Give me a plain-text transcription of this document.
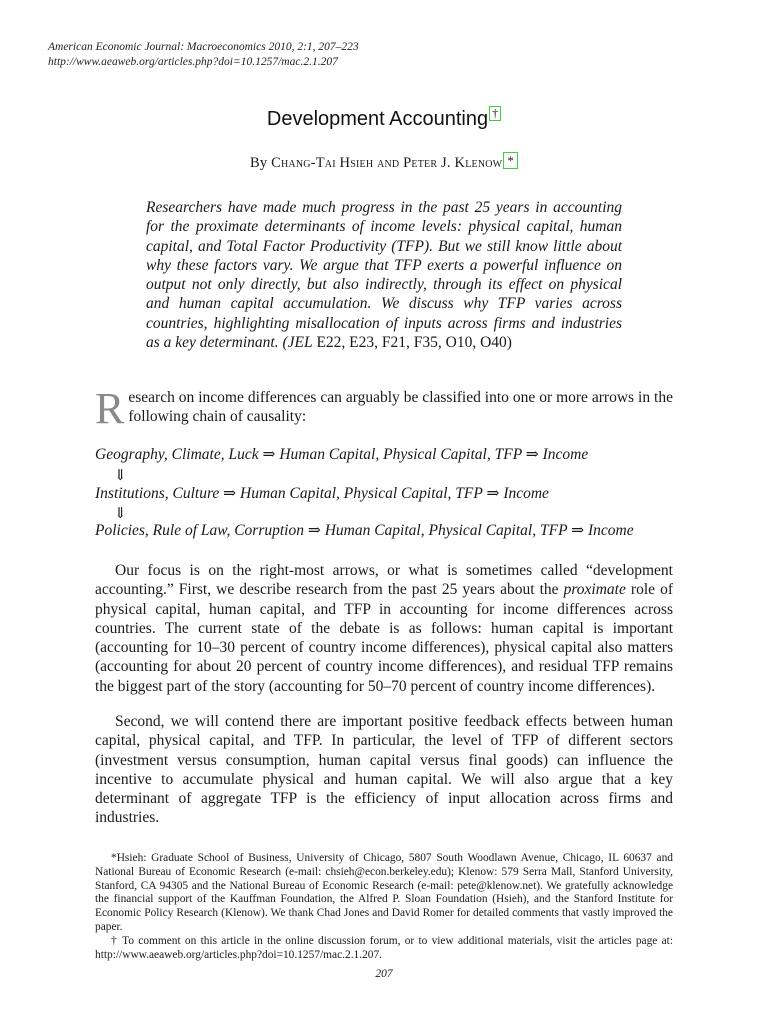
American Economic Journal: Macroeconomics 2010, 2:1, 207–223
http://www.aeaweb.org/articles.php?doi=10.1257/mac.2.1.207
Development Accounting †
By Chang-Tai Hsieh and Peter J. Klenow *
Researchers have made much progress in the past 25 years in accounting for the proximate determinants of income levels: physical capital, human capital, and Total Factor Productivity (TFP). But we still know little about why these factors vary. We argue that TFP exerts a powerful influence on output not only directly, but also indirectly, through its effect on physical and human capital accumulation. We discuss why TFP varies across countries, highlighting misallocation of inputs across firms and industries as a key determinant. (JEL E22, E23, F21, F35, O10, O40)
Research on income differences can arguably be classified into one or more arrows in the following chain of causality:
Geography, Climate, Luck ⇒ Human Capital, Physical Capital, TFP ⇒ Income
⇓
Institutions, Culture ⇒ Human Capital, Physical Capital, TFP ⇒ Income
⇓
Policies, Rule of Law, Corruption ⇒ Human Capital, Physical Capital, TFP ⇒ Income
Our focus is on the right-most arrows, or what is sometimes called “development accounting.” First, we describe research from the past 25 years about the proximate role of physical capital, human capital, and TFP in accounting for income differences across countries. The current state of the debate is as follows: human capital is important (accounting for 10–30 percent of country income differences), physical capital also matters (accounting for about 20 percent of country income differences), and residual TFP remains the biggest part of the story (accounting for 50–70 percent of country income differences).
Second, we will contend there are important positive feedback effects between human capital, physical capital, and TFP. In particular, the level of TFP of different sectors (investment versus consumption, human capital versus final goods) can influence the incentive to accumulate physical and human capital. We will also argue that a key determinant of aggregate TFP is the efficiency of input allocation across firms and industries.

*Hsieh: Graduate School of Business, University of Chicago, 5807 South Woodlawn Avenue, Chicago, IL 60637 and National Bureau of Economic Research (e-mail: chsieh@econ.berkeley.edu); Klenow: 579 Serra Mall, Stanford University, Stanford, CA 94305 and the National Bureau of Economic Research (e-mail: pete@klenow.net). We gratefully acknowledge the financial support of the Kauffman Foundation, the Alfred P. Sloan Foundation (Hsieh), and the Stanford Institute for Economic Policy Research (Klenow). We thank Chad Jones and David Romer for detailed comments that vastly improved the paper.

† To comment on this article in the online discussion forum, or to view additional materials, visit the articles page at: http://www.aeaweb.org/articles.php?doi=10.1257/mac.2.1.207.

207
